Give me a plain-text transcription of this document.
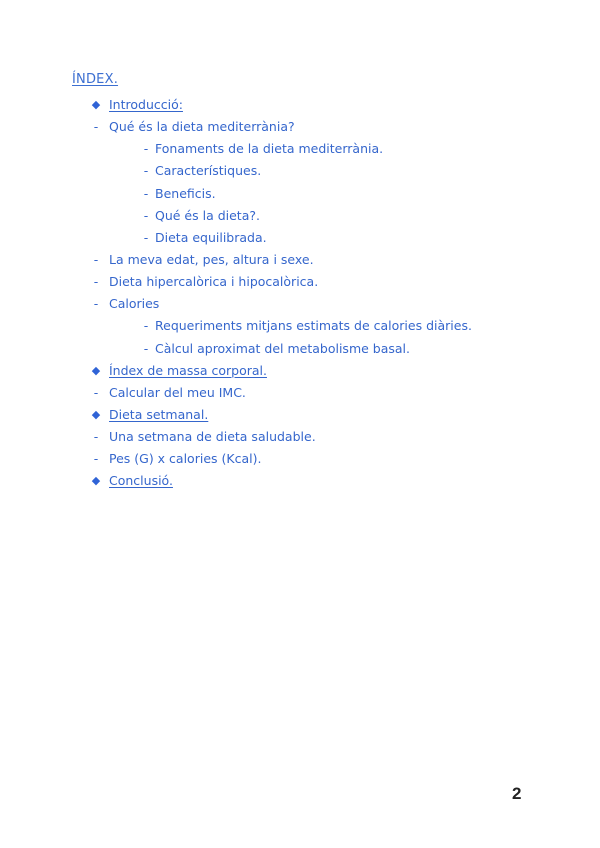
ÍNDEX.
◆ Introducció:
- Qué és la dieta mediterrània?
- Fonaments de la dieta mediterrània.
- Característiques.
- Beneficis.
- Qué és la dieta?.
- Dieta equilibrada.
- La meva edat, pes, altura i sexe.
- Dieta hipercalòrica i hipocalòrica.
- Calories
- Requeriments mitjans estimats de calories diàries.
- Càlcul aproximat del metabolisme basal.
◆ Índex de massa corporal.
- Calcular del meu IMC.
◆ Dieta setmanal.
- Una setmana de dieta saludable.
- Pes (G) x calories (Kcal).
◆ Conclusió.
2
